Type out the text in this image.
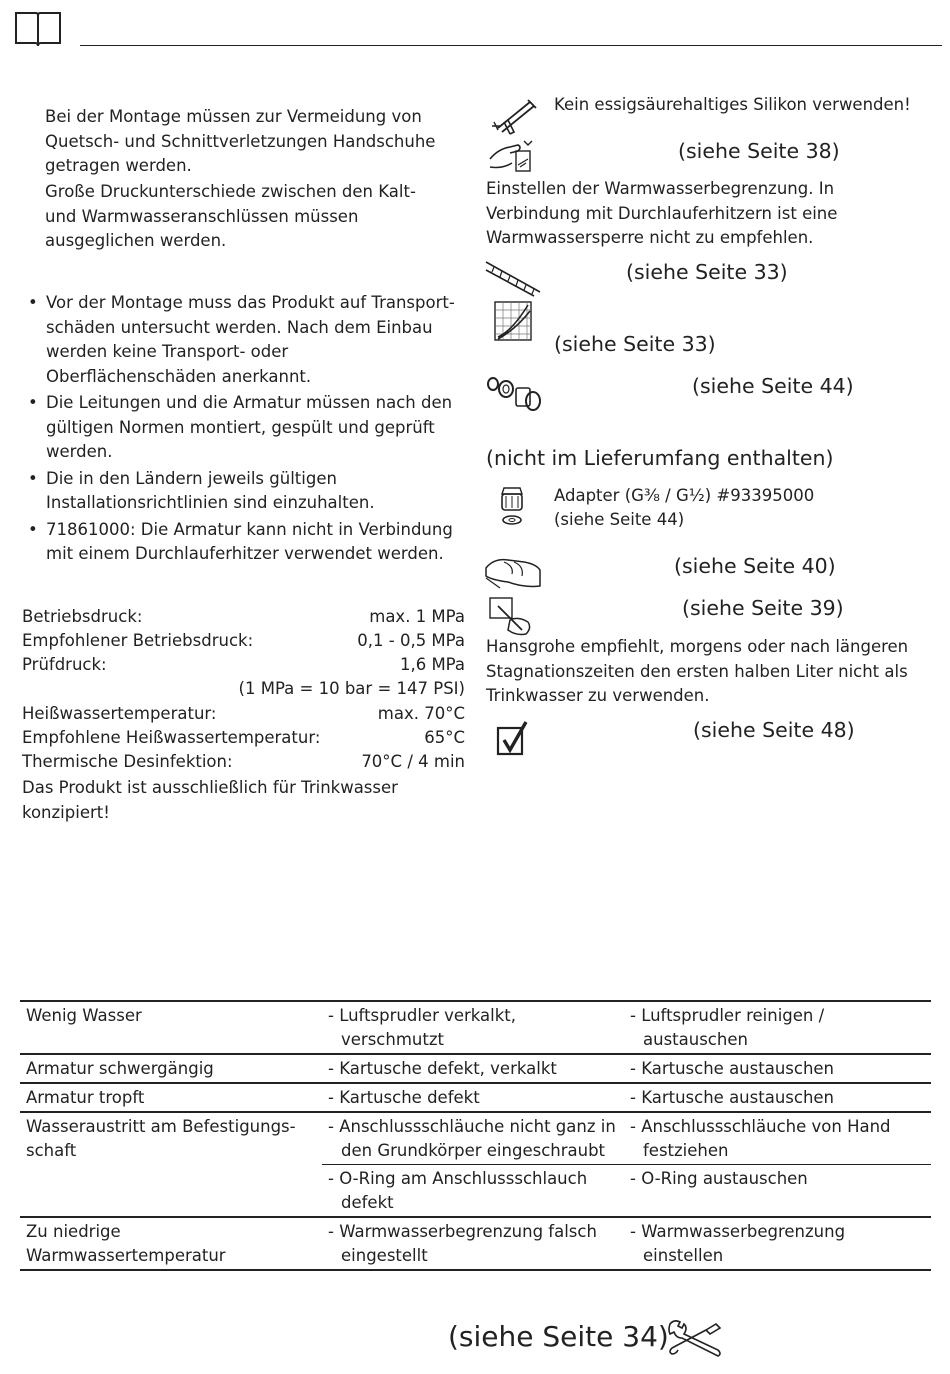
Bei der Montage müssen zur Vermeidung von Quetsch- und Schnittverletzungen Handschuhe getragen werden.
Große Druckunterschiede zwischen den Kalt- und Warmwasseranschlüssen müssen ausgeglichen werden.
• Vor der Montage muss das Produkt auf Transportschäden untersucht werden. Nach dem Einbau werden keine Transport- oder Oberflächenschäden anerkannt.
• Die Leitungen und die Armatur müssen nach den gültigen Normen montiert, gespült und geprüft werden.
• Die in den Ländern jeweils gültigen Installationsrichtlinien sind einzuhalten.
• 71861000: Die Armatur kann nicht in Verbindung mit einem Durchlauferhitzer verwendet werden.
Betriebsdruck:	max. 1 MPa
Empfohlener Betriebsdruck:	0,1 - 0,5 MPa
Prüfdruck:	1,6 MPa
(1 MPa = 10 bar = 147 PSI)
Heißwassertemperatur:	max. 70°C
Empfohlene Heißwassertemperatur:	65°C
Thermische Desinfektion:	70°C / 4 min
Das Produkt ist ausschließlich für Trinkwasser konzipiert!
Kein essigsäurehaltiges Silikon verwenden!
(siehe Seite 38)
Einstellen der Warmwasserbegrenzung. In Verbindung mit Durchlauferhitzern ist eine Warmwassersperre nicht zu empfehlen.
(siehe Seite 33)
(siehe Seite 33)
(siehe Seite 44)
(nicht im Lieferumfang enthalten)
Adapter (G⅜ / G½) #93395000
(siehe Seite 44)
(siehe Seite 40)
(siehe Seite 39)
Hansgrohe empfiehlt, morgens oder nach längeren Stagnationszeiten den ersten halben Liter nicht als Trinkwasser zu verwenden.
(siehe Seite 48)
Wenig Wasser	- Luftsprudler verkalkt, verschmutzt	- Luftsprudler reinigen / austauschen
Armatur schwergängig	- Kartusche defekt, verkalkt	- Kartusche austauschen
Armatur tropft	- Kartusche defekt	- Kartusche austauschen
Wasseraustritt am Befestigungsschaft	- Anschlussschläuche nicht ganz in den Grundkörper eingeschraubt	- Anschlussschläuche von Hand festziehen
	- O-Ring am Anschlussschlauch defekt	- O-Ring austauschen
Zu niedrige Warmwassertemperatur	- Warmwasserbegrenzung falsch eingestellt	- Warmwasserbegrenzung einstellen
(siehe Seite 34)
